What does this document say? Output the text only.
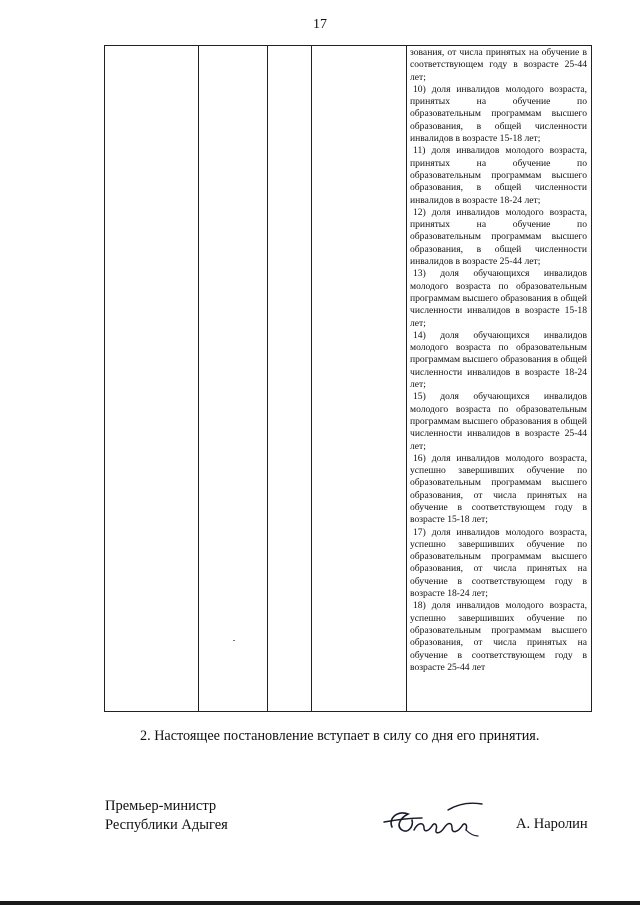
17

зования, от числа принятых на обучение в соответствующем году в возрасте 25-44 лет;

10) доля инвалидов молодого возраста, принятых на обучение по образовательным программам высшего образования, в общей численности инвалидов в возрасте 15-18 лет;

11) доля инвалидов молодого возраста, принятых на обучение по образовательным программам высшего образования, в общей численности инвалидов в возрасте 18-24 лет;

12) доля инвалидов молодого возраста, принятых на обучение по образовательным программам высшего образования, в общей численности инвалидов в возрасте 25-44 лет;

13) доля обучающихся инвалидов молодого возраста по образовательным программам высшего образования в общей численности инвалидов в возрасте 15-18 лет;

14) доля обучающихся инвалидов молодого возраста по образовательным программам высшего образования в общей численности инвалидов в возрасте 18-24 лет;

15) доля обучающихся инвалидов молодого возраста по образовательным программам высшего образования в общей численности инвалидов в возрасте 25-44 лет;

16) доля инвалидов молодого возраста, успешно завершивших обучение по образовательным программам высшего образования, от числа принятых на обучение в соответствующем году в возрасте 15-18 лет;

17) доля инвалидов молодого возраста, успешно завершивших обучение по образовательным программам высшего образования, от числа принятых на обучение в соответствующем году в возрасте 18-24 лет;

18) доля инвалидов молодого возраста, успешно завершивших обучение по образовательным программам высшего образования, от числа принятых на обучение в соответствующем году в возрасте 25-44 лет

2. Настоящее постановление вступает в силу со дня его принятия.
Премьер-министр
Республики Адыгея	А. Наролин
